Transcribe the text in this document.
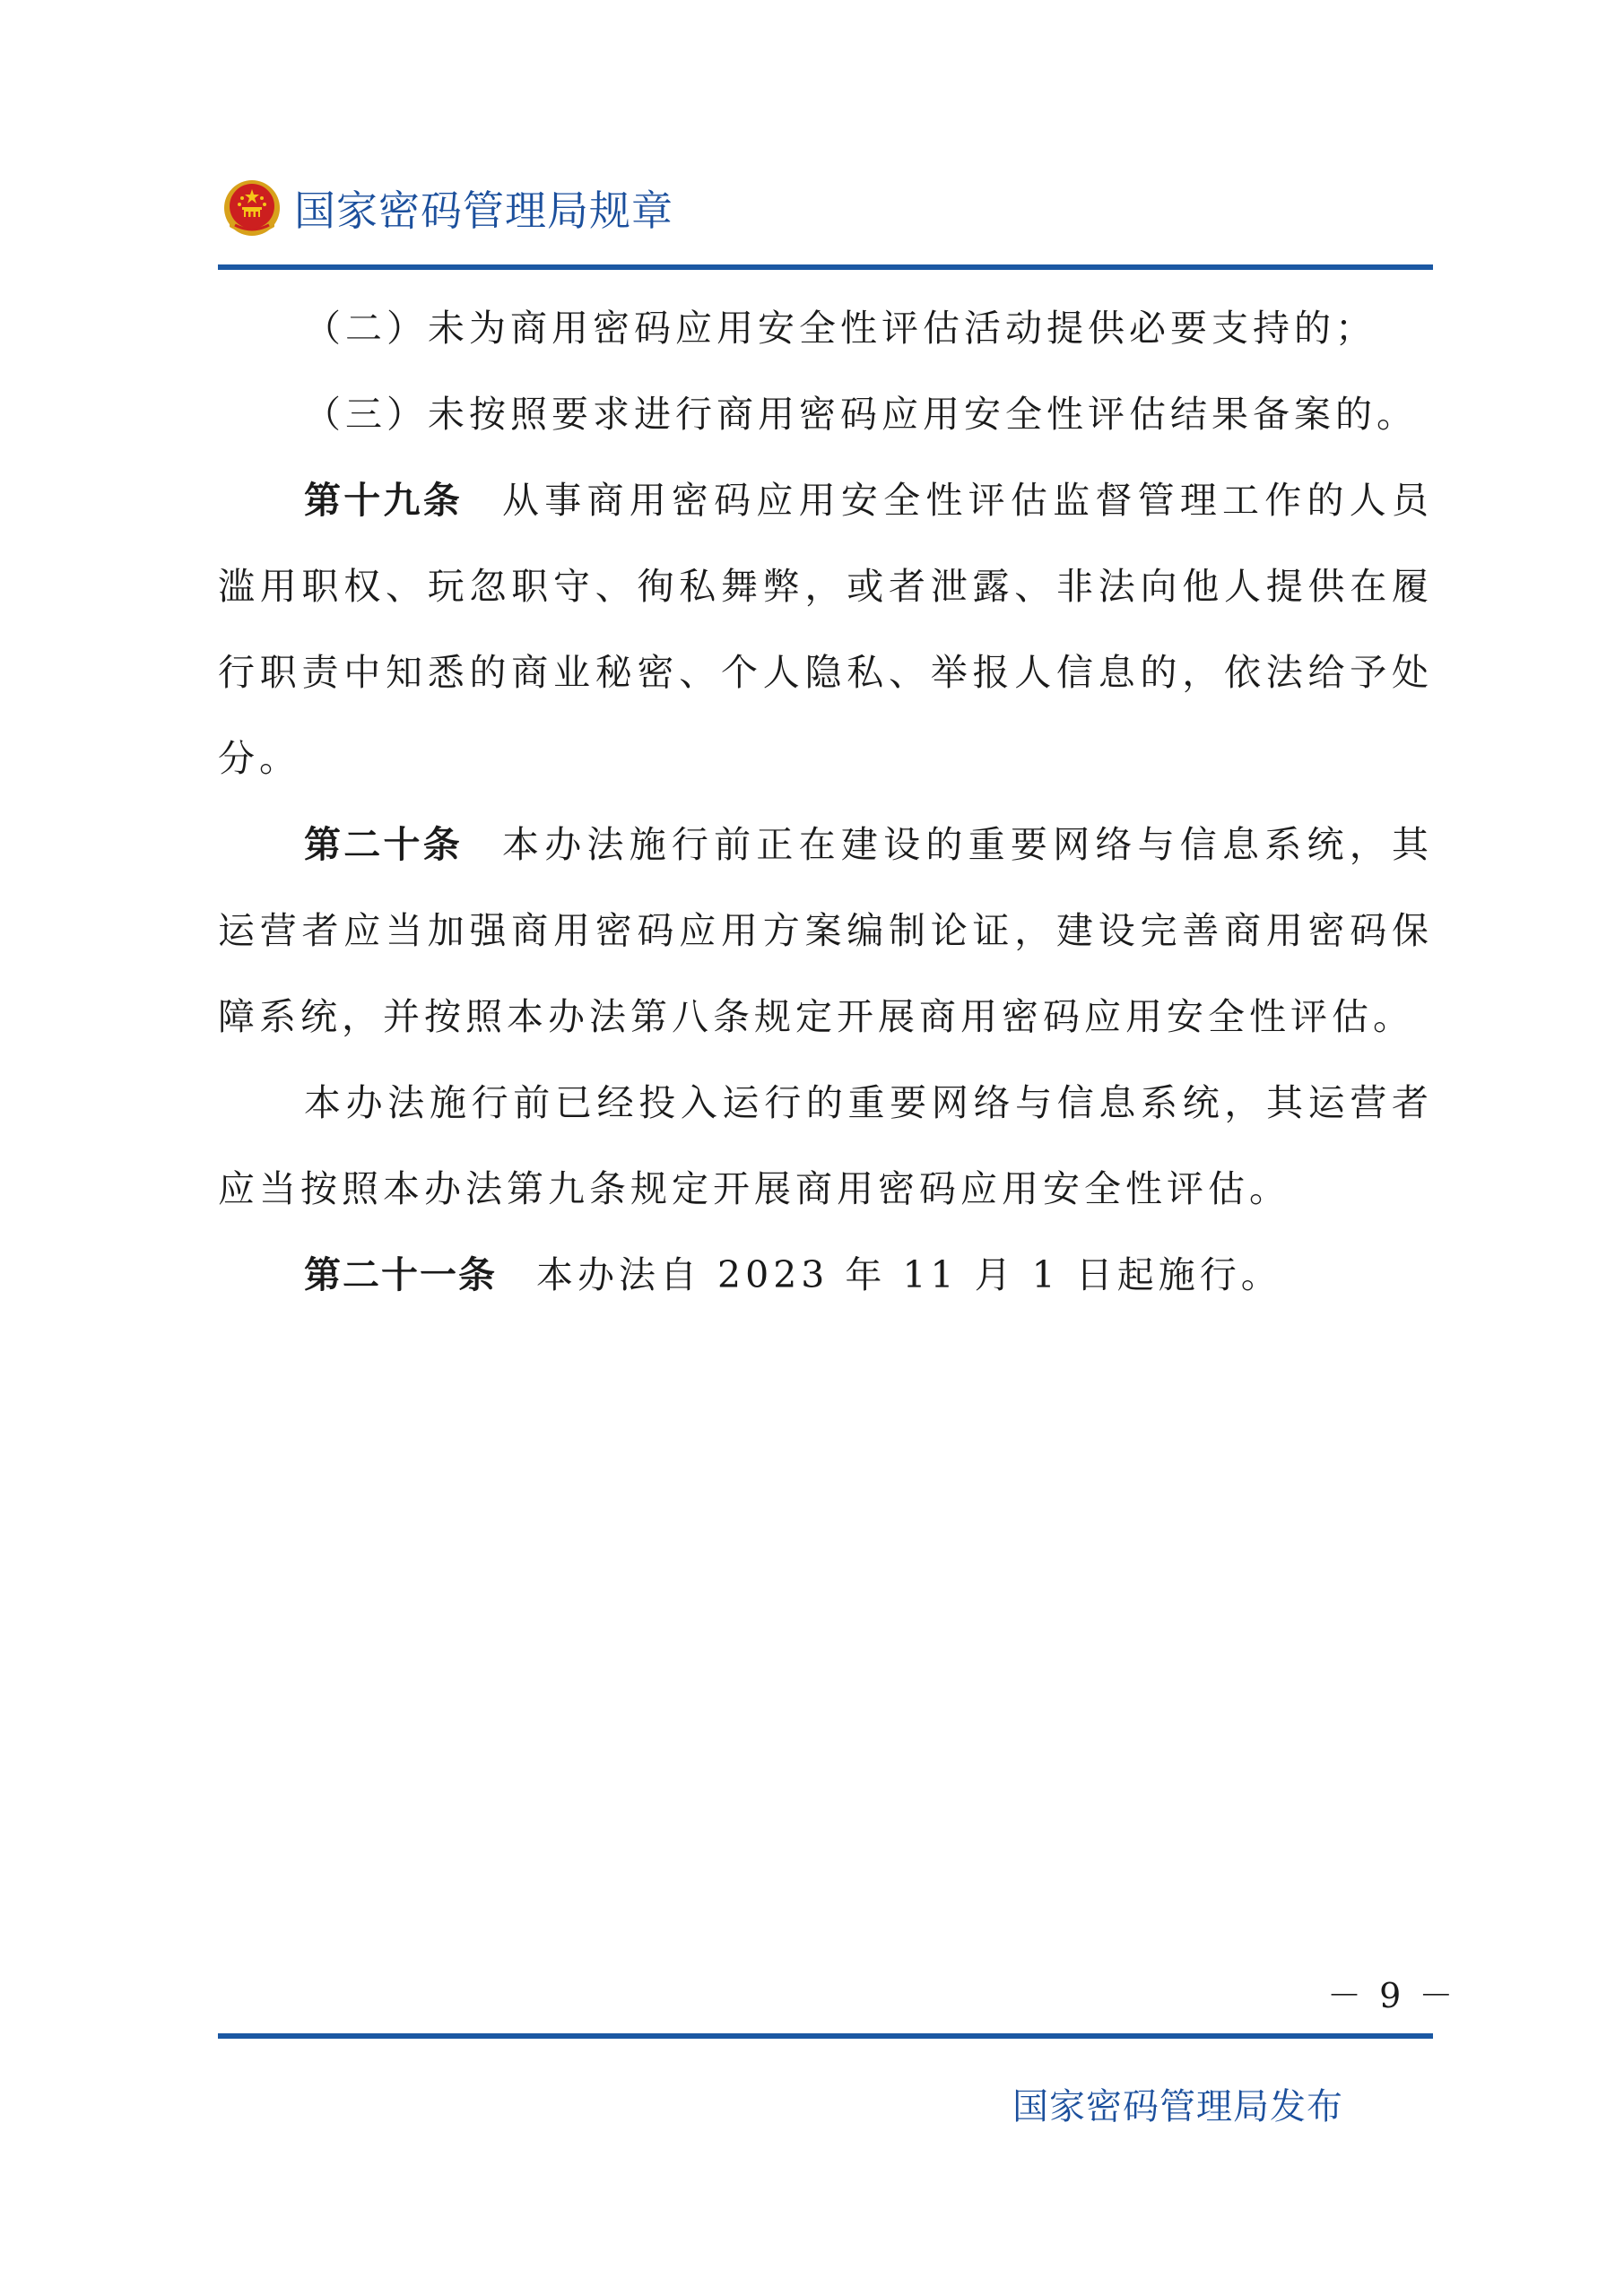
国家密码管理局规章

（二）未为商用密码应用安全性评估活动提供必要支持的；

（三）未按照要求进行商用密码应用安全性评估结果备案的。

第十九条 从事商用密码应用安全性评估监督管理工作的人员滥用职权、玩忽职守、徇私舞弊，或者泄露、非法向他人提供在履行职责中知悉的商业秘密、个人隐私、举报人信息的，依法给予处分。

第二十条 本办法施行前正在建设的重要网络与信息系统，其运营者应当加强商用密码应用方案编制论证，建设完善商用密码保障系统，并按照本办法第八条规定开展商用密码应用安全性评估。

本办法施行前已经投入运行的重要网络与信息系统，其运营者应当按照本办法第九条规定开展商用密码应用安全性评估。

第二十一条 本办法自 2023 年 11 月 1 日起施行。

－ 9 －
国家密码管理局发布
